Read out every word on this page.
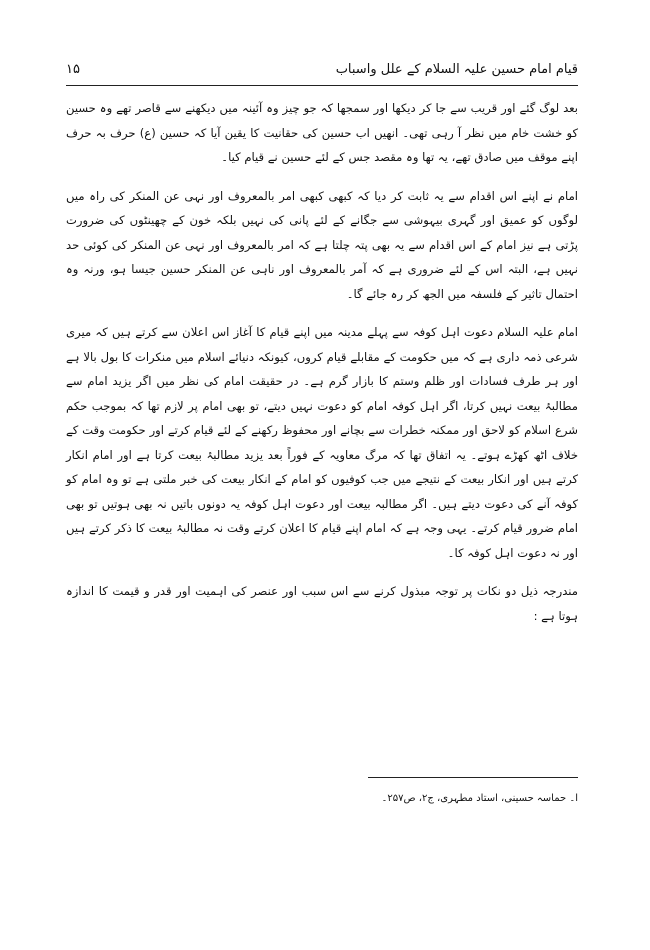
قیام امام حسین علیہ السلام کے علل واسباب
۱۵

بعد لوگ گئے اور قریب سے جا کر دیکھا اور سمجھا کہ جو چیز وہ آئینہ میں دیکھنے سے قاصر تھے وہ حسین کو خشت خام میں نظر آ رہی تھی۔ انھیں اب حسین کی حقانیت کا یقین آیا کہ حسین (ع) حرف بہ حرف اپنے موقف میں صادق تھے، یہ تھا وہ مقصد جس کے لئے حسین نے قیام کیا۔

امام نے اپنے اس اقدام سے یہ ثابت کر دیا کہ کبھی کبھی امر بالمعروف اور نہی عن المنکر کی راہ میں لوگوں کو عمیق اور گہری بیہوشی سے جگانے کے لئے پانی کی نہیں بلکہ خون کے چھینٹوں کی ضرورت پڑتی ہے نیز امام کے اس اقدام سے یہ بھی پتہ چلتا ہے کہ امر بالمعروف اور نہی عن المنکر کی کوئی حد نہیں ہے، البتہ اس کے لئے ضروری ہے کہ آمر بالمعروف اور ناہی عن المنکر حسین جیسا ہو، ورنہ وہ احتمال تاثیر کے فلسفہ میں الجھ کر رہ جائے گا۔

امام علیہ السلام دعوت اہل کوفہ سے پہلے مدینہ میں اپنے قیام کا آغاز اس اعلان سے کرتے ہیں کہ میری شرعی ذمہ داری ہے کہ میں حکومت کے مقابلے قیام کروں، کیونکہ دنیائے اسلام میں منکرات کا بول بالا ہے اور ہر طرف فسادات اور ظلم وستم کا بازار گرم ہے۔ در حقیقت امام کی نظر میں اگر یزید امام سے مطالبۂ بیعت نہیں کرتا، اگر اہل کوفہ امام کو دعوت نہیں دیتے، تو بھی امام پر لازم تھا کہ بموجب حکم شرع اسلام کو لاحق اور ممکنہ خطرات سے بچانے اور محفوظ رکھنے کے لئے قیام کرتے اور حکومت وقت کے خلاف اٹھ کھڑے ہوتے۔ یہ اتفاق تھا کہ مرگ معاویہ کے فوراً بعد یزید مطالبۂ بیعت کرتا ہے اور امام انکار کرتے ہیں اور انکار بیعت کے نتیجے میں جب کوفیوں کو امام کے انکار بیعت کی خبر ملتی ہے تو وہ امام کو کوفہ آنے کی دعوت دیتے ہیں۔ اگر مطالبہ بیعت اور دعوت اہل کوفہ یہ دونوں باتیں نہ بھی ہوتیں تو بھی امام ضرور قیام کرتے۔ یہی وجہ ہے کہ امام اپنے قیام کا اعلان کرتے وقت نہ مطالبۂ بیعت کا ذکر کرتے ہیں اور نہ دعوت اہل کوفہ کا۔

مندرجہ ذیل دو نکات پر توجہ مبذول کرنے سے اس سبب اور عنصر کی اہمیت اور قدر و قیمت کا اندازہ ہوتا ہے :

ا۔ حماسہ حسینی، استاد مطہری، ج۲، ص۲۵۷۔
